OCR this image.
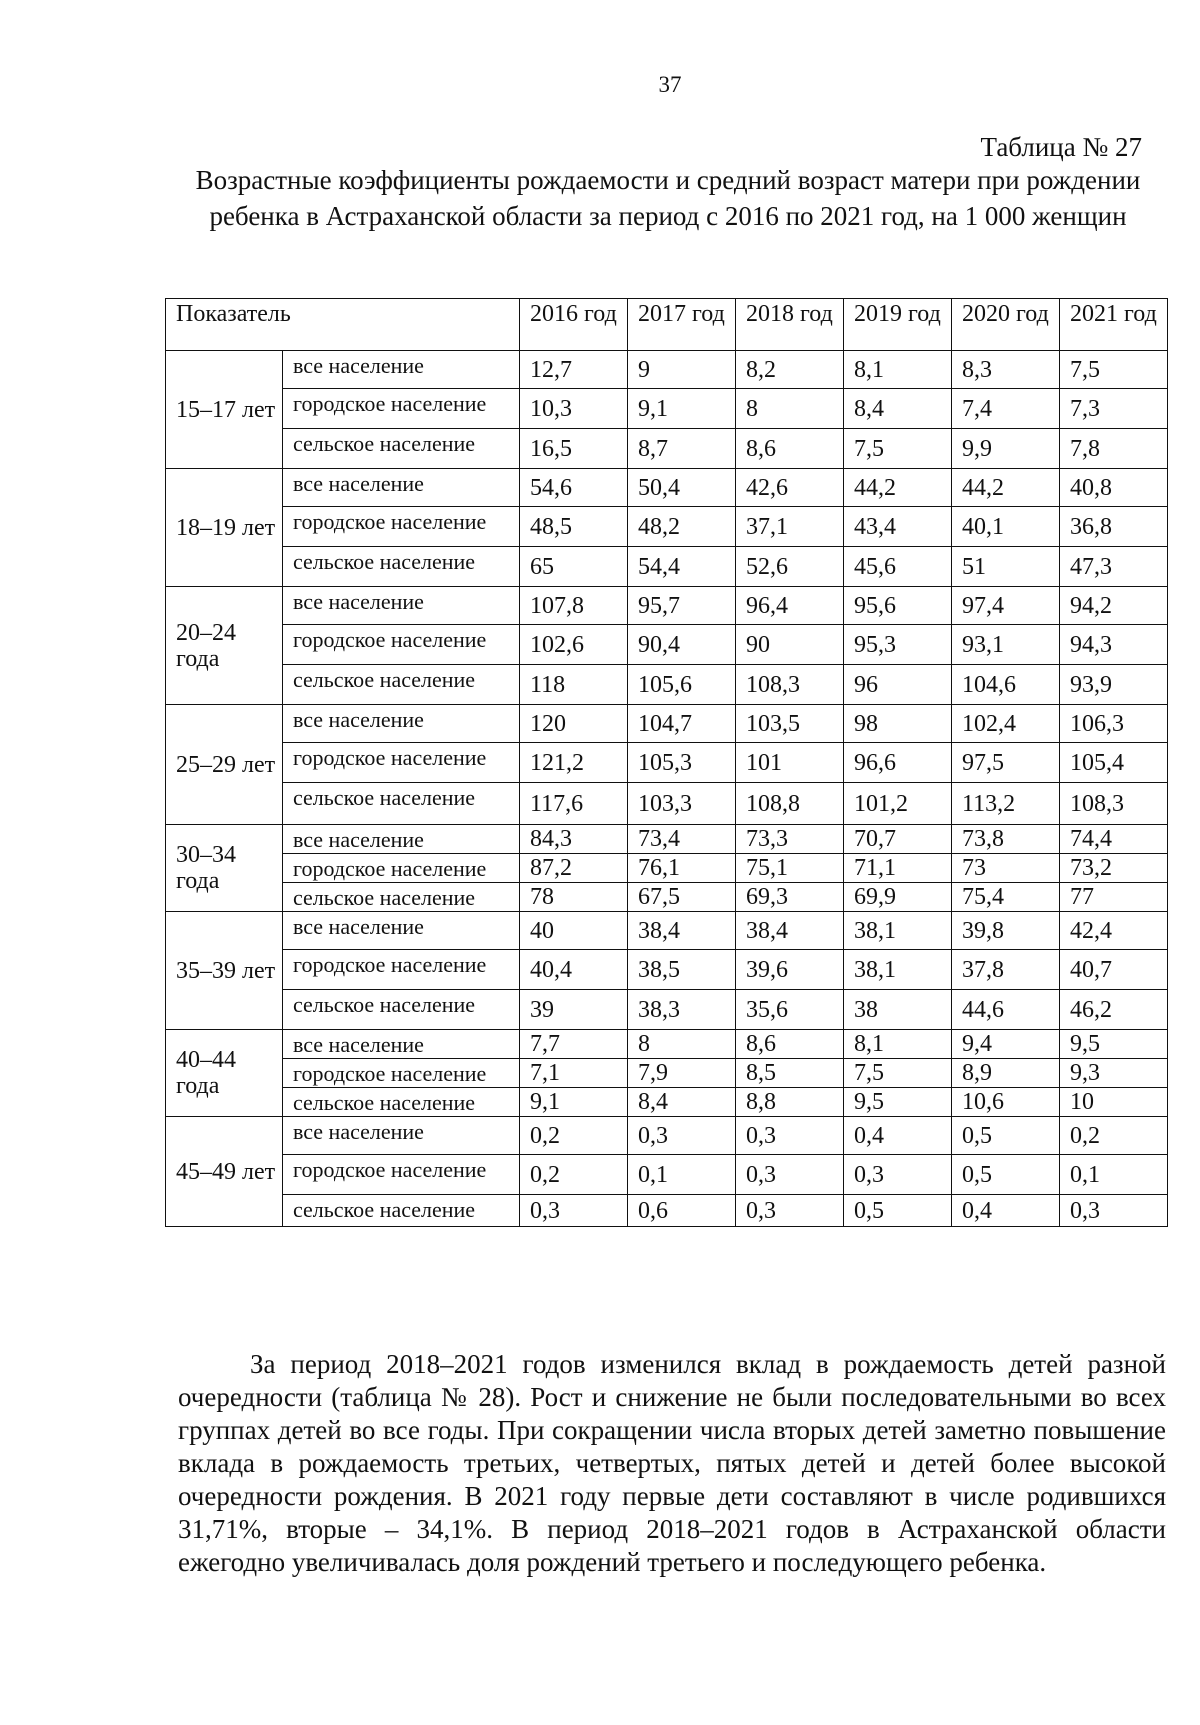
37
Таблица № 27
Возрастные коэффициенты рождаемости и средний возраст матери при рождении ребенка в Астраханской области за период с 2016 по 2021 год, на 1 000 женщин
Показатель		2016 год	2017 год	2018 год	2019 год	2020 год	2021 год
15–17 лет	все население	12,7	9	8,2	8,1	8,3	7,5
	городское население	10,3	9,1	8	8,4	7,4	7,3
	сельское население	16,5	8,7	8,6	7,5	9,9	7,8
18–19 лет	все население	54,6	50,4	42,6	44,2	44,2	40,8
	городское население	48,5	48,2	37,1	43,4	40,1	36,8
	сельское население	65	54,4	52,6	45,6	51	47,3
20–24 года	все население	107,8	95,7	96,4	95,6	97,4	94,2
	городское население	102,6	90,4	90	95,3	93,1	94,3
	сельское население	118	105,6	108,3	96	104,6	93,9
25–29 лет	все население	120	104,7	103,5	98	102,4	106,3
	городское население	121,2	105,3	101	96,6	97,5	105,4
	сельское население	117,6	103,3	108,8	101,2	113,2	108,3
30–34 года	все население	84,3	73,4	73,3	70,7	73,8	74,4
	городское население	87,2	76,1	75,1	71,1	73	73,2
	сельское население	78	67,5	69,3	69,9	75,4	77
35–39 лет	все население	40	38,4	38,4	38,1	39,8	42,4
	городское население	40,4	38,5	39,6	38,1	37,8	40,7
	сельское население	39	38,3	35,6	38	44,6	46,2
40–44 года	все население	7,7	8	8,6	8,1	9,4	9,5
	городское население	7,1	7,9	8,5	7,5	8,9	9,3
	сельское население	9,1	8,4	8,8	9,5	10,6	10
45–49 лет	все население	0,2	0,3	0,3	0,4	0,5	0,2
	городское население	0,2	0,1	0,3	0,3	0,5	0,1
	сельское население	0,3	0,6	0,3	0,5	0,4	0,3

За период 2018–2021 годов изменился вклад в рождаемость детей разной очередности (таблица № 28). Рост и снижение не были последовательными во всех группах детей во все годы. При сокращении числа вторых детей заметно повышение вклада в рождаемость третьих, четвертых, пятых детей и детей более высокой очередности рождения. В 2021 году первые дети составляют в числе родившихся 31,71%, вторые – 34,1%. В период 2018–2021 годов в Астраханской области ежегодно увеличивалась доля рождений третьего и последующего ребенка.
